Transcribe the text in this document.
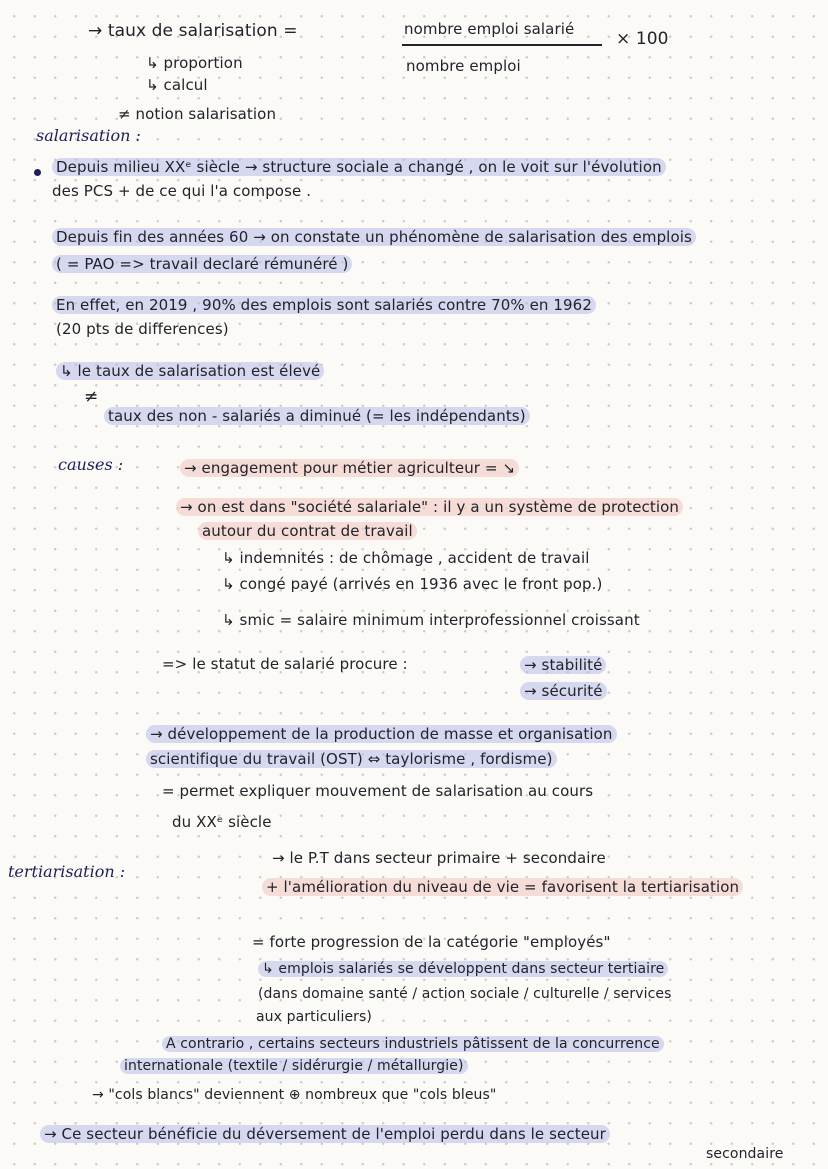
→ taux de salarisation =	nombre emploi salarié
nombre emploi
× 100
↳ proportion
↳ calcul
≠ notion salarisation
salarisation :
Depuis milieu XXᵉ siècle → structure sociale a changé , on le voit sur l'évolution
des PCS + de ce qui l'a compose .
Depuis fin des années 60 → on constate un phénomène de salarisation des emplois
( = PAO => travail declaré rémunéré )
En effet, en 2019 , 90% des emplois sont salariés contre 70% en 1962
(20 pts de differences)
↳ le taux de salarisation est élevé
≠
taux des non - salariés a diminué (= les indépendants)
causes :	→ engagement pour métier agriculteur = ↘
→ on est dans "société salariale" : il y a un système de protection
autour du contrat de travail
↳ indemnités : de chômage , accident de travail
↳ congé payé (arrivés en 1936 avec le front pop.)
↳ smic = salaire minimum interprofessionnel croissant
=> le statut de salarié procure :	→ stabilité
→ sécurité
→ développement de la production de masse et organisation
scientifique du travail (OST) ⇔ taylorisme , fordisme)
= permet expliquer mouvement de salarisation au cours
du XXᵉ siècle
tertiarisation :
→ le P.T dans secteur primaire + secondaire
+ l'amélioration du niveau de vie = favorisent la tertiarisation
= forte progression de la catégorie "employés"
↳ emplois salariés se développent dans secteur tertiaire
(dans domaine santé / action sociale / culturelle / services
aux particuliers)
A contrario , certains secteurs industriels pâtissent de la concurrence
internationale (textile / sidérurgie / métallurgie)
→ "cols blancs" deviennent ⊕ nombreux que "cols bleus"
→ Ce secteur bénéficie du déversement de l'emploi perdu dans le secteur
secondaire
